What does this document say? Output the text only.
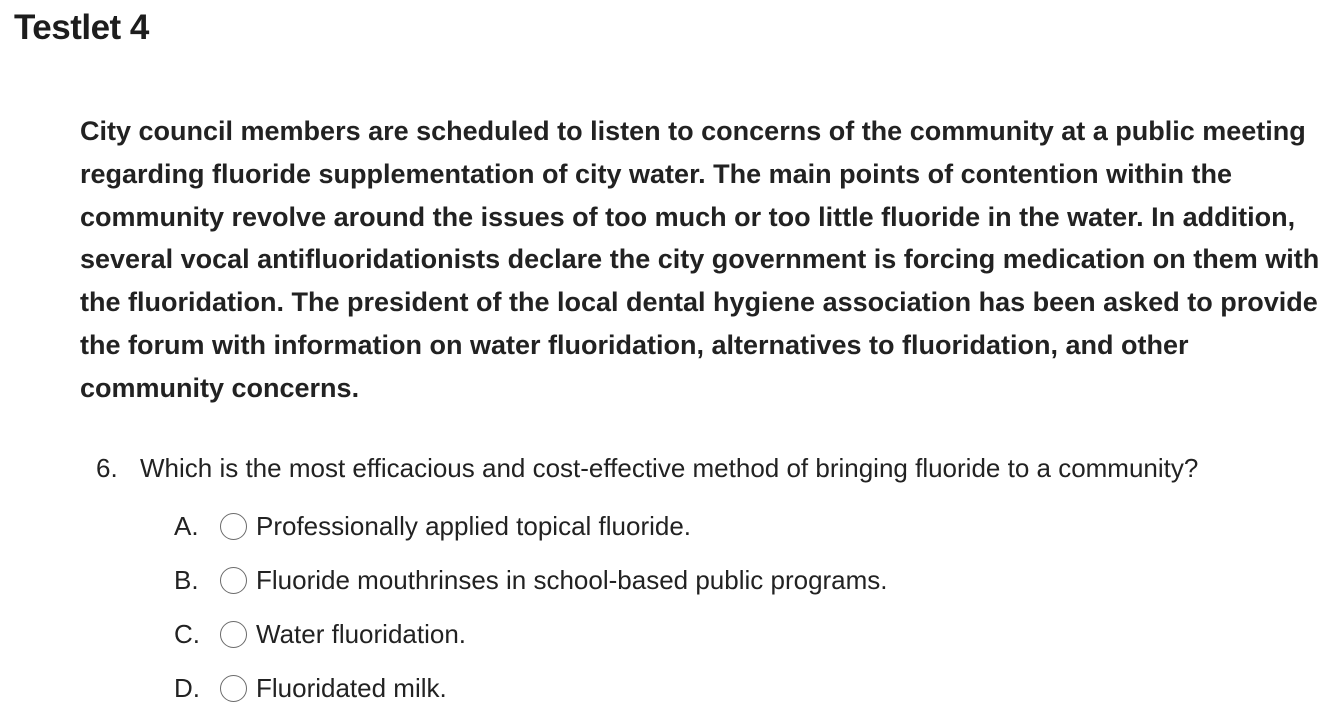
Testlet 4

City council members are scheduled to listen to concerns of the community at a public meeting regarding fluoride supplementation of city water. The main points of contention within the community revolve around the issues of too much or too little fluoride in the water. In addition, several vocal antifluoridationists declare the city government is forcing medication on them with the fluoridation. The president of the local dental hygiene association has been asked to provide the forum with information on water fluoridation, alternatives to fluoridation, and other community concerns.

6. Which is the most efficacious and cost-effective method of bringing fluoride to a community?
A.	Professionally applied topical fluoride.
B.	Fluoride mouthrinses in school-based public programs.
C.	Water fluoridation.
D.	Fluoridated milk.
